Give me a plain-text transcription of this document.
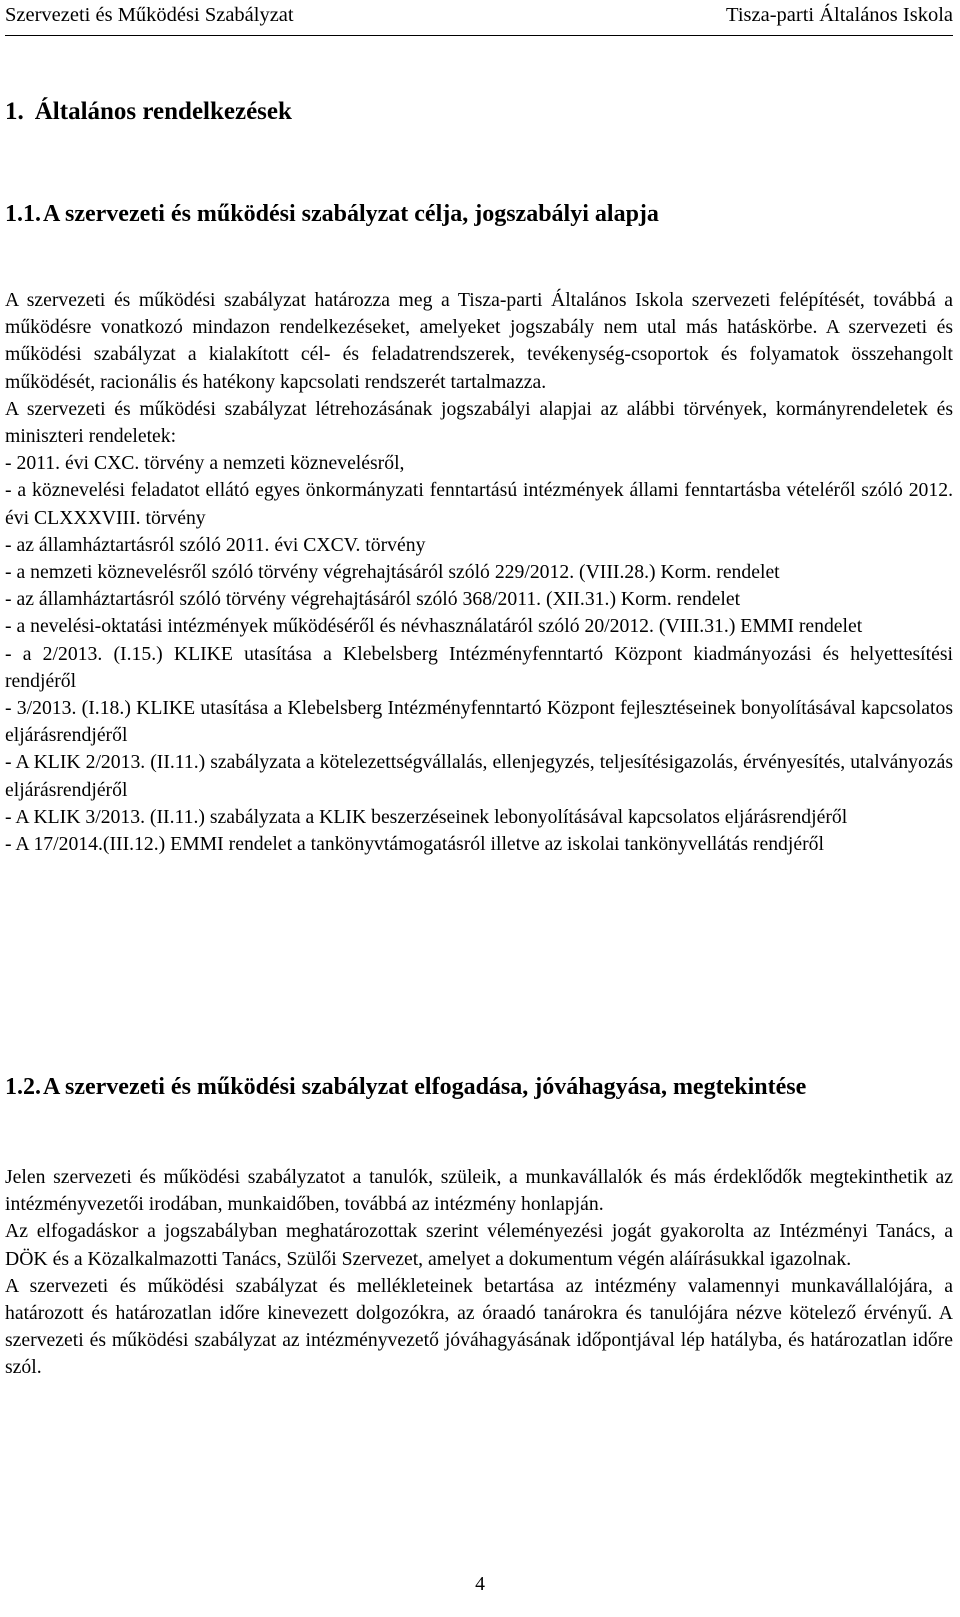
Szervezeti és Működési Szabályzat	Tisza-parti Általános Iskola
1. Általános rendelkezések
1.1.A szervezeti és működési szabályzat célja, jogszabályi alapja

A szervezeti és működési szabályzat határozza meg a Tisza-parti Általános Iskola szervezeti felépítését, továbbá a működésre vonatkozó mindazon rendelkezéseket, amelyeket jogszabály nem utal más hatáskörbe. A szervezeti és működési szabályzat a kialakított cél- és feladatrendszerek, tevékenység-csoportok és folyamatok összehangolt működését, racionális és hatékony kapcsolati rendszerét tartalmazza.

A szervezeti és működési szabályzat létrehozásának jogszabályi alapjai az alábbi törvények, kormányrendeletek és miniszteri rendeletek:

- 2011. évi CXC. törvény a nemzeti köznevelésről,

- a köznevelési feladatot ellátó egyes önkormányzati fenntartású intézmények állami fenntartásba vételéről szóló 2012. évi CLXXXVIII. törvény

- az államháztartásról szóló 2011. évi CXCV. törvény

- a nemzeti köznevelésről szóló törvény végrehajtásáról szóló 229/2012. (VIII.28.) Korm. rendelet

- az államháztartásról szóló törvény végrehajtásáról szóló 368/2011. (XII.31.) Korm. rendelet

- a nevelési-oktatási intézmények működéséről és névhasználatáról szóló 20/2012. (VIII.31.) EMMI rendelet

- a 2/2013. (I.15.) KLIKE utasítása a Klebelsberg Intézményfenntartó Központ kiadmányozási és helyettesítési rendjéről

- 3/2013. (I.18.) KLIKE utasítása a Klebelsberg Intézményfenntartó Központ fejlesztéseinek bonyolításával kapcsolatos eljárásrendjéről

- A KLIK 2/2013. (II.11.) szabályzata a kötelezettségvállalás, ellenjegyzés, teljesítésigazolás, érvényesítés, utalványozás eljárásrendjéről

- A KLIK 3/2013. (II.11.) szabályzata a KLIK beszerzéseinek lebonyolításával kapcsolatos eljárásrendjéről

- A 17/2014.(III.12.) EMMI rendelet a tankönyvtámogatásról illetve az iskolai tankönyvellátás rendjéről

1.2.A szervezeti és működési szabályzat elfogadása, jóváhagyása, megtekintése

Jelen szervezeti és működési szabályzatot a tanulók, szüleik, a munkavállalók és más érdeklődők megtekinthetik az intézményvezetői irodában, munkaidőben, továbbá az intézmény honlapján.

Az elfogadáskor a jogszabályban meghatározottak szerint véleményezési jogát gyakorolta az Intézményi Tanács, a DÖK és a Közalkalmazotti Tanács, Szülői Szervezet, amelyet a dokumentum végén aláírásukkal igazolnak.

A szervezeti és működési szabályzat és mellékleteinek betartása az intézmény valamennyi munkavállalójára, a határozott és határozatlan időre kinevezett dolgozókra, az óraadó tanárokra és tanulójára nézve kötelező érvényű. A szervezeti és működési szabályzat az intézményvezető jóváhagyásának időpontjával lép hatályba, és határozatlan időre szól.

4
